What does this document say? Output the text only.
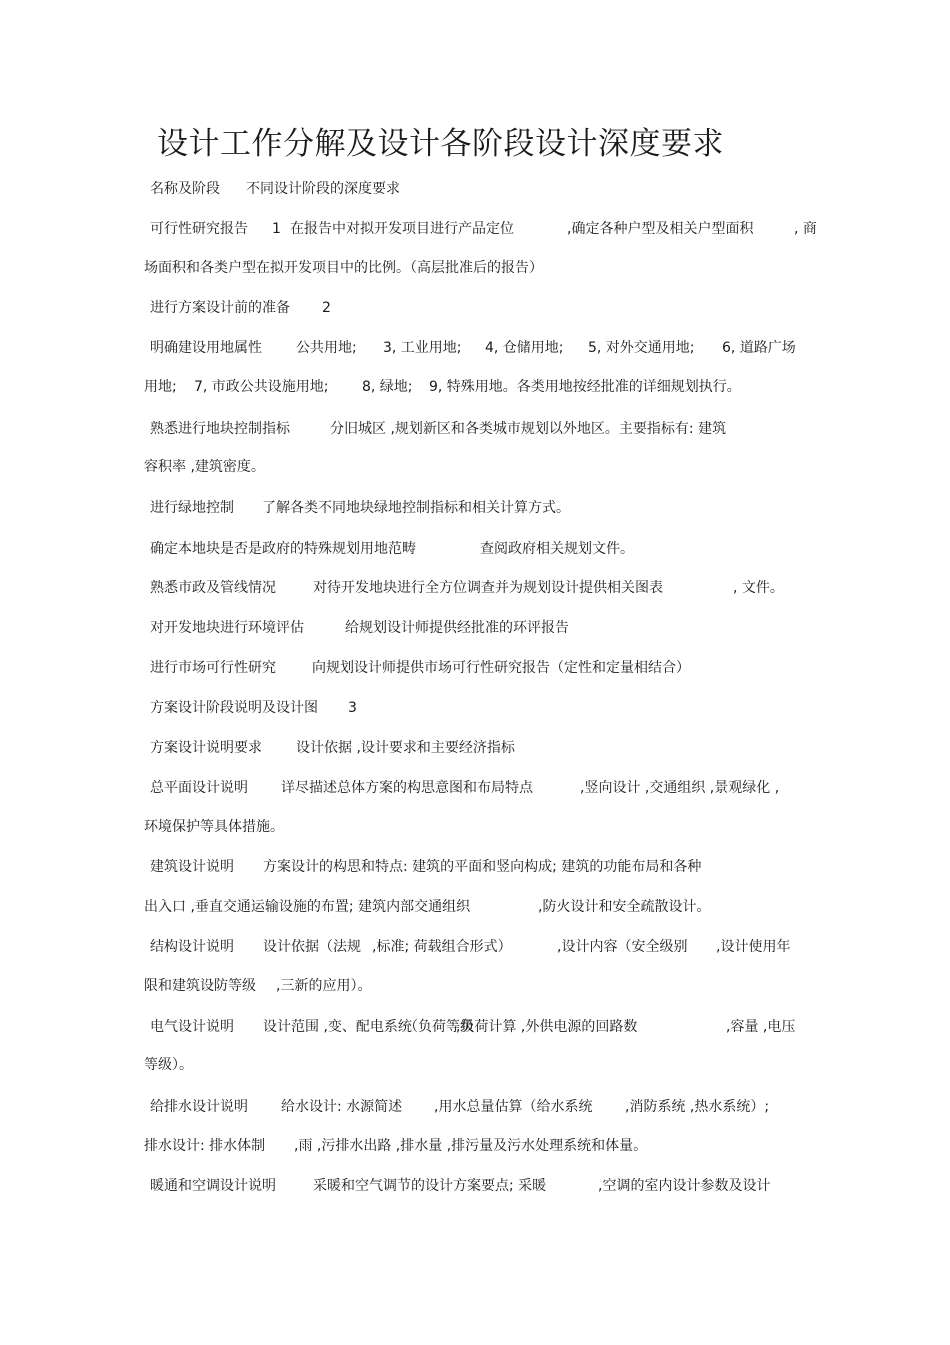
设计工作分解及设计各阶段设计深度要求
名称及阶段 不同设计阶段的深度要求
可行性研究报告 1 在报告中对拟开发项目进行产品定位	,确定各种户型及相关户型面积	, 商
场面积和各类户型在拟开发项目中的比例。（高层批准后的报告）
进行方案设计前的准备 2
明确建设用地属性 公共用地; 3, 工业用地; 4, 仓储用地; 5, 对外交通用地; 6, 道路广场
用地; 7, 市政公共设施用地; 8, 绿地; 9, 特殊用地。各类用地按经批准的详细规划执行。
熟悉进行地块控制指标	分旧城区 ,规划新区和各类城市规划以外地区。主要指标有: 建筑
容积率 ,建筑密度。
进行绿地控制 了解各类不同地块绿地控制指标和相关计算方式。
确定本地块是否是政府的特殊规划用地范畴	查阅政府相关规划文件。
熟悉市政及管线情况	对待开发地块进行全方位调查并为规划设计提供相关图表	, 文件。
对开发地块进行环境评估	给规划设计师提供经批准的环评报告
进行市场可行性研究	向规划设计师提供市场可行性研究报告（定性和定量相结合）
方案设计阶段说明及设计图 3
方案设计说明要求 设计依据 ,设计要求和主要经济指标
总平面设计说明 详尽描述总体方案的构思意图和布局特点	,竖向设计 ,交通组织 ,景观绿化 ,
环境保护等具体措施。
建筑设计说明 方案设计的构思和特点: 建筑的平面和竖向构成; 建筑的功能布局和各种
出入口 ,垂直交通运输设施的布置; 建筑内部交通组织	,防火设计和安全疏散设计。
结构设计说明 设计依据（法规 ,标准; 荷载组合形式）	,设计内容（安全级别 ,设计使用年
限和建筑设防等级 ,三新的应用）。
电气设计说明 设计范围 ,变、配电系统
（负荷等级
,负荷计算 ,外供电源的回路数	,容量 ,电压
等级）。
给排水设计说明 给水设计: 水源简述 ,用水总量估算（给水系统 ,消防系统 ,热水系统）;
排水设计: 排水体制 ,雨 ,污排水出路 ,排水量 ,排污量及污水处理系统和体量。
暖通和空调设计说明	采暖和空气调节的设计方案要点; 采暖	,空调的室内设计参数及设计
